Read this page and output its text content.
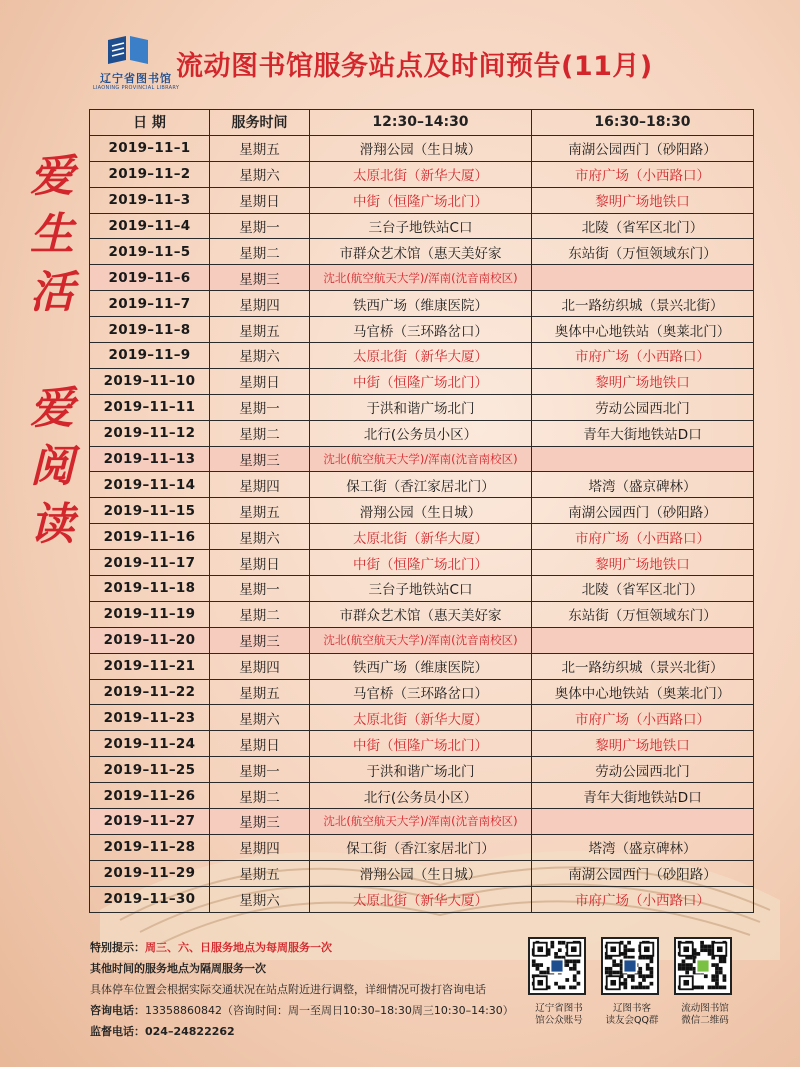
辽宁省图书馆
LIAONING PROVINCIAL LIBRARY
流动图书馆服务站点及时间预告(11月)
爱
生
活
爱
阅
读
日 期	服务时间	12:30–14:30	16:30–18:30
2019–11–1	星期五	滑翔公园（生日城）	南湖公园西门（砂阳路）
2019–11–2	星期六	太原北街（新华大厦）	市府广场（小西路口）
2019–11–3	星期日	中街（恒隆广场北门）	黎明广场地铁口
2019–11–4	星期一	三台子地铁站C口	北陵（省军区北门）
2019–11–5	星期二	市群众艺术馆（惠天美好家	东站街（万恒领域东门）
2019–11–6	星期三	沈北(航空航天大学)/浑南(沈音南校区)	
2019–11–7	星期四	铁西广场（维康医院）	北一路纺织城（景兴北街）
2019–11–8	星期五	马官桥（三环路岔口）	奥体中心地铁站（奥莱北门）
2019–11–9	星期六	太原北街（新华大厦）	市府广场（小西路口）
2019–11–10	星期日	中街（恒隆广场北门）	黎明广场地铁口
2019–11–11	星期一	于洪和谐广场北门	劳动公园西北门
2019–11–12	星期二	北行(公务员小区）	青年大街地铁站D口
2019–11–13	星期三	沈北(航空航天大学)/浑南(沈音南校区)	
2019–11–14	星期四	保工街（香江家居北门）	塔湾（盛京碑林）
2019–11–15	星期五	滑翔公园（生日城）	南湖公园西门（砂阳路）
2019–11–16	星期六	太原北街（新华大厦）	市府广场（小西路口）
2019–11–17	星期日	中街（恒隆广场北门）	黎明广场地铁口
2019–11–18	星期一	三台子地铁站C口	北陵（省军区北门）
2019–11–19	星期二	市群众艺术馆（惠天美好家	东站街（万恒领域东门）
2019–11–20	星期三	沈北(航空航天大学)/浑南(沈音南校区)	
2019–11–21	星期四	铁西广场（维康医院）	北一路纺织城（景兴北街）
2019–11–22	星期五	马官桥（三环路岔口）	奥体中心地铁站（奥莱北门）
2019–11–23	星期六	太原北街（新华大厦）	市府广场（小西路口）
2019–11–24	星期日	中街（恒隆广场北门）	黎明广场地铁口
2019–11–25	星期一	于洪和谐广场北门	劳动公园西北门
2019–11–26	星期二	北行(公务员小区）	青年大街地铁站D口
2019–11–27	星期三	沈北(航空航天大学)/浑南(沈音南校区)	
2019–11–28	星期四	保工街（香江家居北门）	塔湾（盛京碑林）
2019–11–29	星期五	滑翔公园（生日城）	南湖公园西门（砂阳路）
2019–11–30	星期六	太原北街（新华大厦）	市府广场（小西路口）
特别提示：周三、六、日服务地点为每周服务一次
其他时间的服务地点为隔周服务一次
具体停车位置会根据实际交通状况在站点附近进行调整，详细情况可拨打咨询电话
咨询电话：13358860842（咨询时间：周一至周日10:30–18:30周三10:30–14:30）
监督电话：024–24822262
辽宁省图书
馆公众账号
辽图书客
读友会QQ群
流动图书馆
微信二维码
